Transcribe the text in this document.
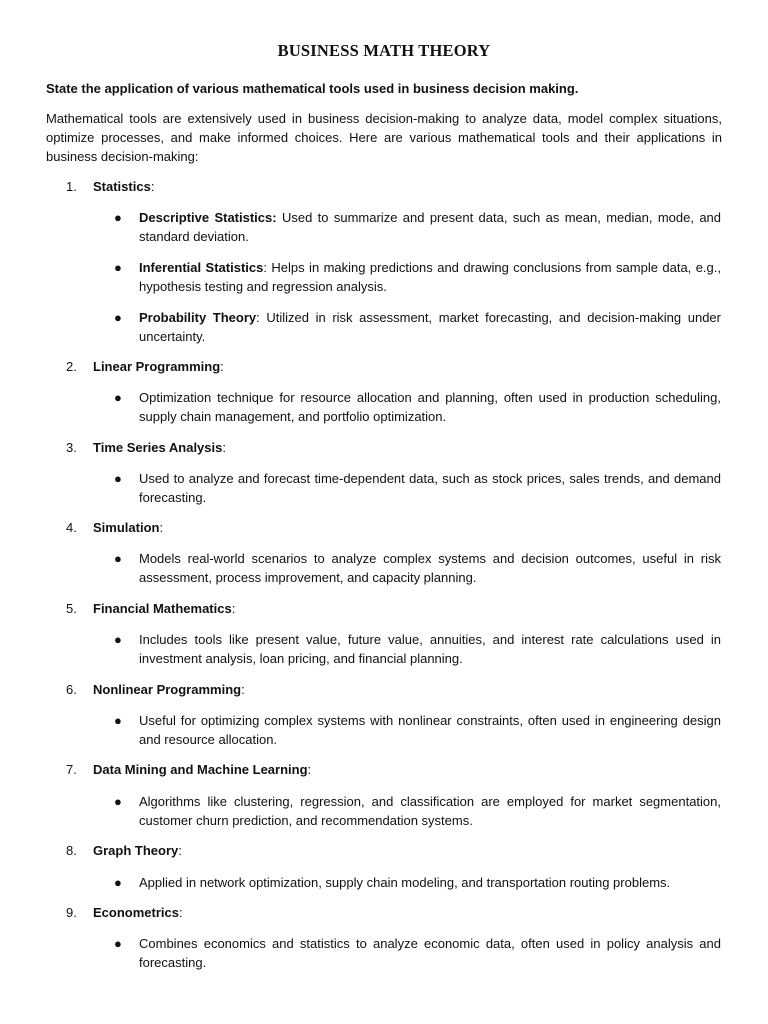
BUSINESS MATH THEORY
State the application of various mathematical tools used in business decision making.
Mathematical tools are extensively used in business decision-making to analyze data, model complex situations, optimize processes, and make informed choices. Here are various mathematical tools and their applications in business decision-making:
1.	Statistics:
● Descriptive Statistics: Used to summarize and present data, such as mean, median, mode, and standard deviation.
● Inferential Statistics: Helps in making predictions and drawing conclusions from sample data, e.g., hypothesis testing and regression analysis.
● Probability Theory: Utilized in risk assessment, market forecasting, and decision-making under uncertainty.
2.	Linear Programming:
● Optimization technique for resource allocation and planning, often used in production scheduling, supply chain management, and portfolio optimization.
3.	Time Series Analysis:
● Used to analyze and forecast time-dependent data, such as stock prices, sales trends, and demand forecasting.
4.	Simulation:
● Models real-world scenarios to analyze complex systems and decision outcomes, useful in risk assessment, process improvement, and capacity planning.
5.	Financial Mathematics:
● Includes tools like present value, future value, annuities, and interest rate calculations used in investment analysis, loan pricing, and financial planning.
6.	Nonlinear Programming:
● Useful for optimizing complex systems with nonlinear constraints, often used in engineering design and resource allocation.
7.	Data Mining and Machine Learning:
● Algorithms like clustering, regression, and classification are employed for market segmentation, customer churn prediction, and recommendation systems.
8.	Graph Theory:
● Applied in network optimization, supply chain modeling, and transportation routing problems.
9.	Econometrics:
● Combines economics and statistics to analyze economic data, often used in policy analysis and forecasting.
